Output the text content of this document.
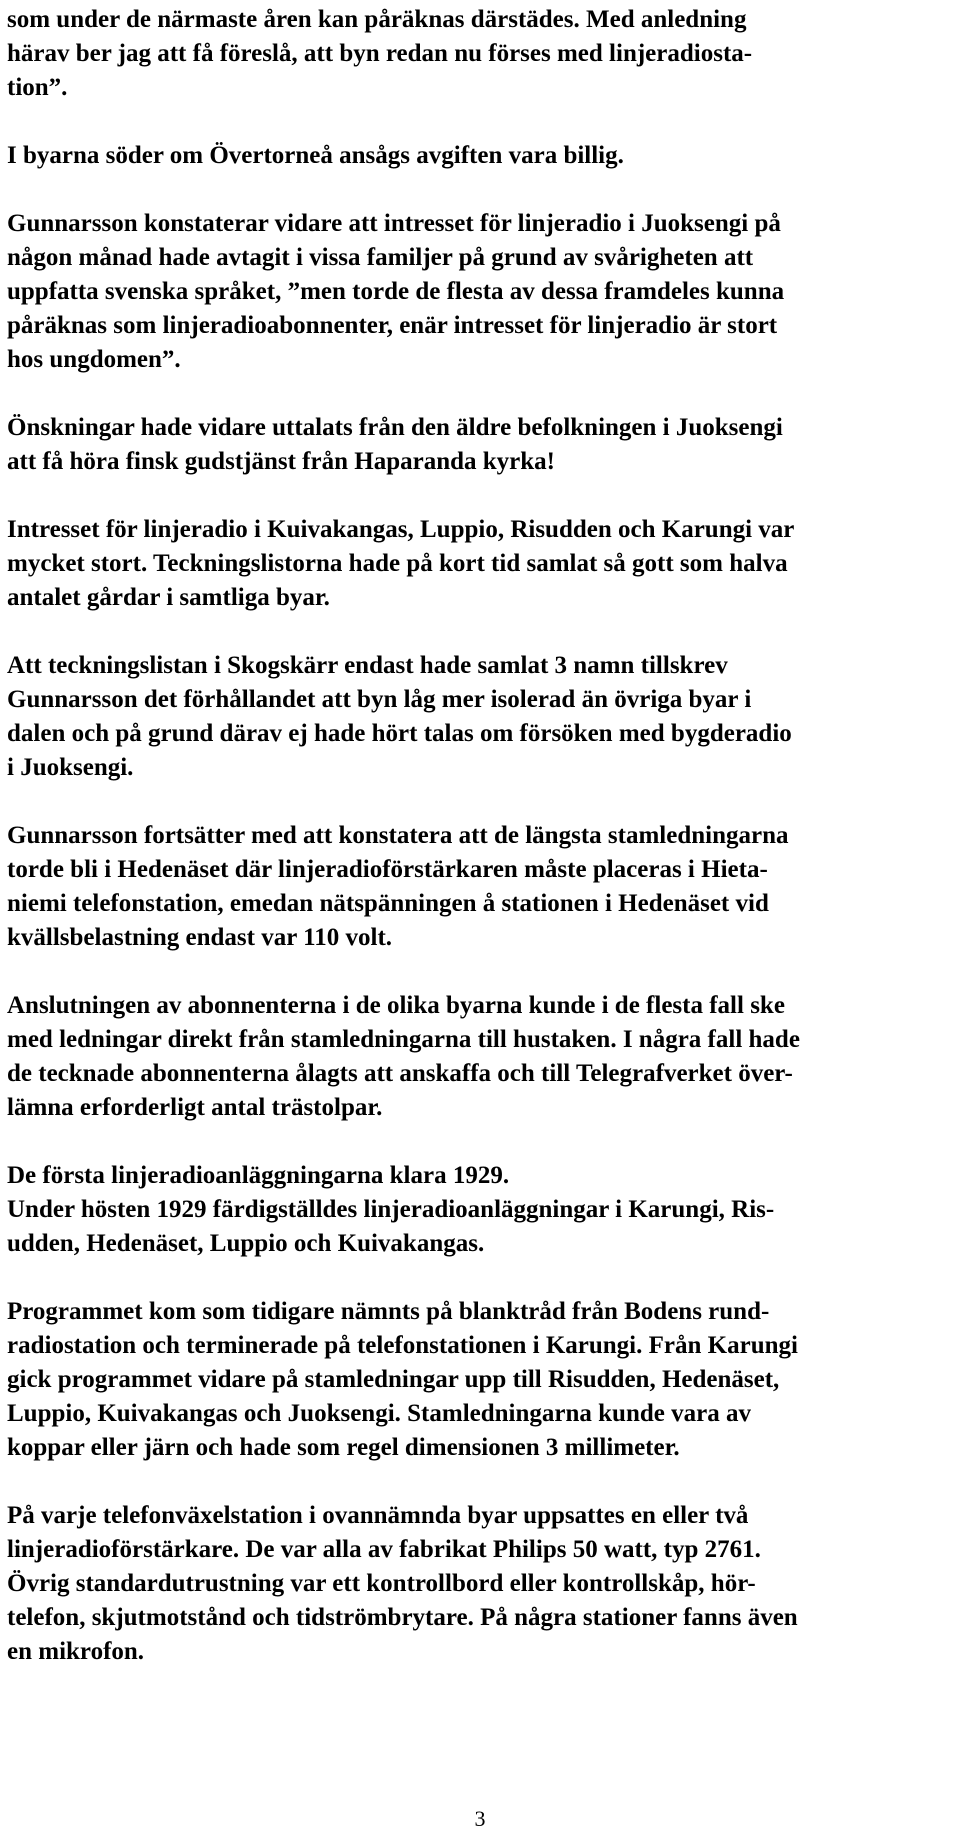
som under de närmaste åren kan påräknas därstädes. Med anledning
härav ber jag att få föreslå, att byn redan nu förses med linjeradiosta-
tion”.
I byarna söder om Övertorneå ansågs avgiften vara billig.
Gunnarsson konstaterar vidare att intresset för linjeradio i Juoksengi på
någon månad hade avtagit i vissa familjer på grund av svårigheten att
uppfatta svenska språket, ”men torde de flesta av dessa framdeles kunna
påräknas som linjeradioabonnenter, enär intresset för linjeradio är stort
hos ungdomen”.
Önskningar hade vidare uttalats från den äldre befolkningen i Juoksengi
att få höra finsk gudstjänst från Haparanda kyrka!
Intresset för linjeradio i Kuivakangas, Luppio, Risudden och Karungi var
mycket stort. Teckningslistorna hade på kort tid samlat så gott som halva
antalet gårdar i samtliga byar.
Att teckningslistan i Skogskärr endast hade samlat 3 namn tillskrev
Gunnarsson det förhållandet att byn låg mer isolerad än övriga byar i
dalen och på grund därav ej hade hört talas om försöken med bygderadio
i Juoksengi.
Gunnarsson fortsätter med att konstatera att de längsta stamledningarna
torde bli i Hedenäset där linjeradioförstärkaren måste placeras i Hieta-
niemi telefonstation, emedan nätspänningen å stationen i Hedenäset vid
kvällsbelastning endast var 110 volt.
Anslutningen av abonnenterna i de olika byarna kunde i de flesta fall ske
med ledningar direkt från stamledningarna till hustaken. I några fall hade
de tecknade abonnenterna ålagts att anskaffa och till Telegrafverket över-
lämna erforderligt antal trästolpar.
De första linjeradioanläggningarna klara 1929.
Under hösten 1929 färdigställdes linjeradioanläggningar i Karungi, Ris-
udden, Hedenäset, Luppio och Kuivakangas.
Programmet kom som tidigare nämnts på blanktråd från Bodens rund-
radiostation och terminerade på telefonstationen i Karungi. Från Karungi
gick programmet vidare på stamledningar upp till Risudden, Hedenäset,
Luppio, Kuivakangas och Juoksengi. Stamledningarna kunde vara av
koppar eller järn och hade som regel dimensionen 3 millimeter.
På varje telefonväxelstation i ovannämnda byar uppsattes en eller två
linjeradioförstärkare. De var alla av fabrikat Philips 50 watt, typ 2761.
Övrig standardutrustning var ett kontrollbord eller kontrollskåp, hör-
telefon, skjutmotstånd och tidströmbrytare. På några stationer fanns även
en mikrofon.
3
